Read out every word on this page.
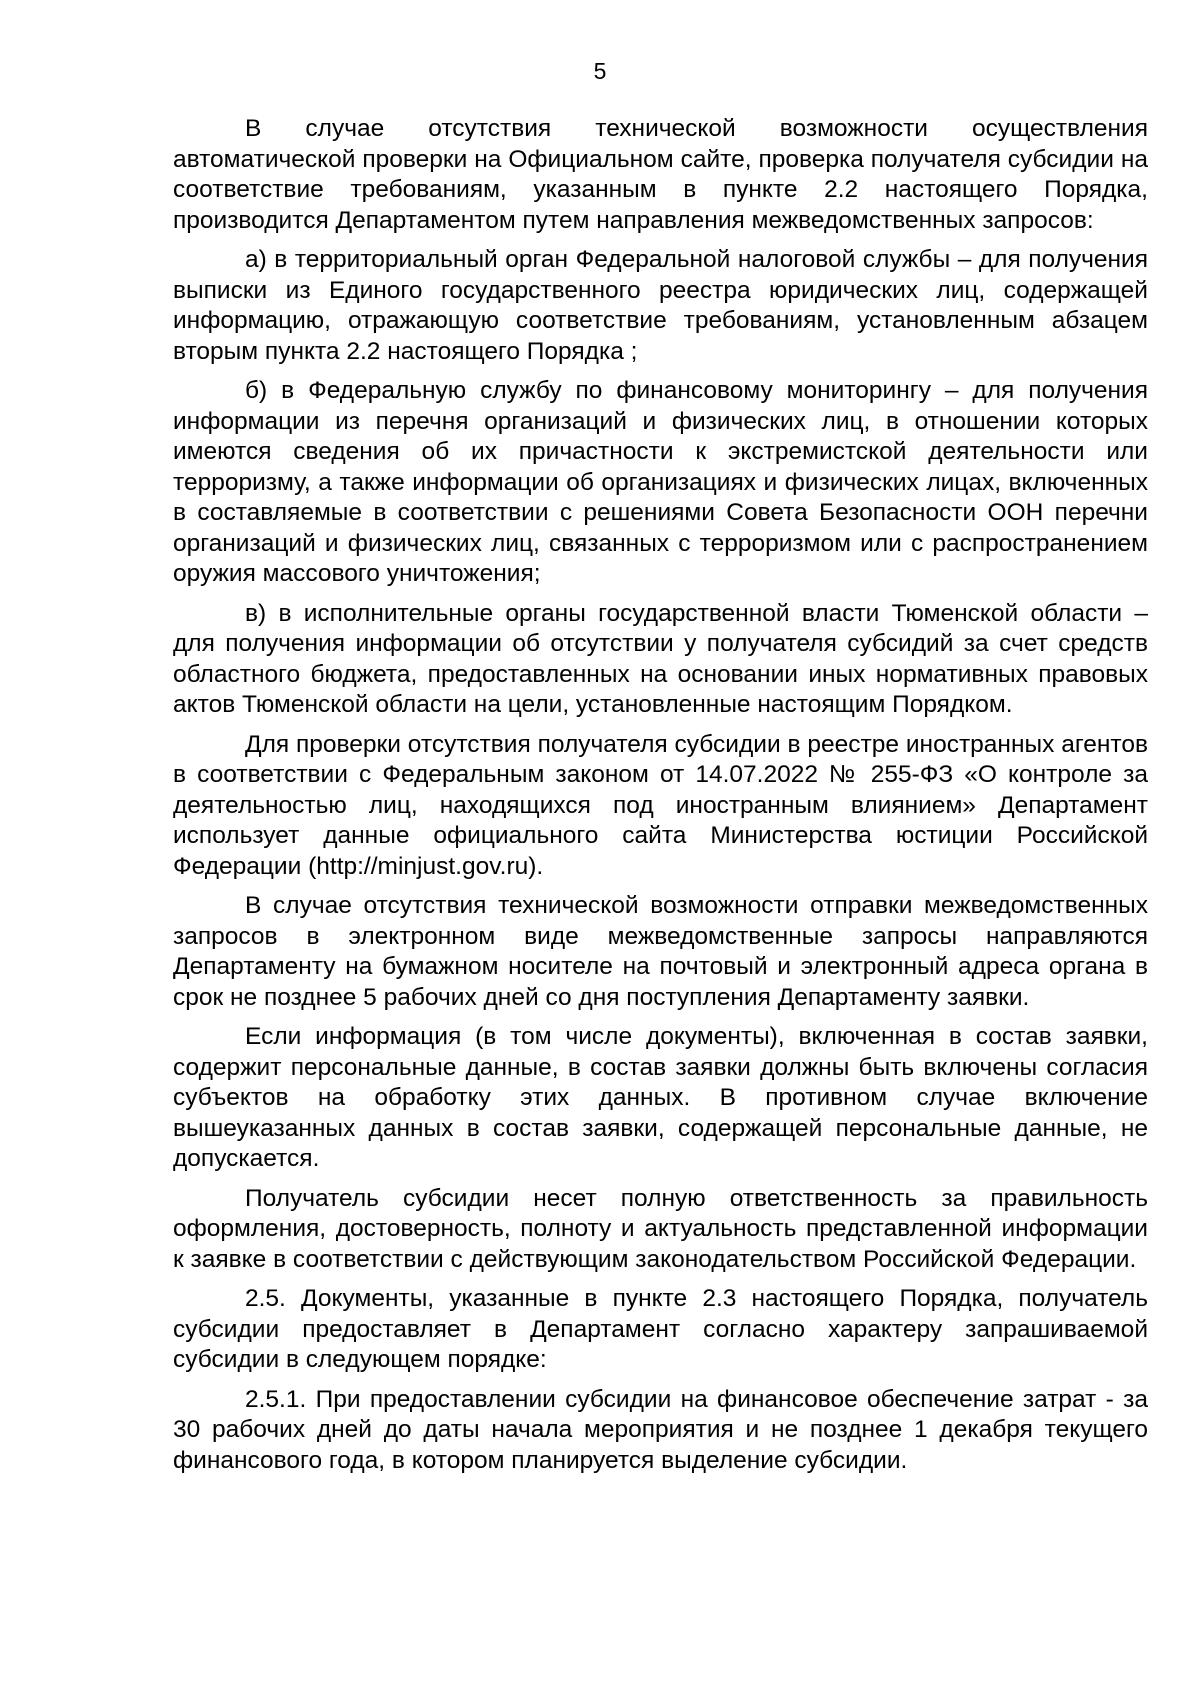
5

В случае отсутствия технической возможности осуществления автоматической проверки на Официальном сайте, проверка получателя субсидии на соответствие требованиям, указанным в пункте 2.2 настоящего Порядка, производится Департаментом путем направления межведомственных запросов:

а) в территориальный орган Федеральной налоговой службы – для получения выписки из Единого государственного реестра юридических лиц, содержащей информацию, отражающую соответствие требованиям, установленным абзацем вторым пункта 2.2 настоящего Порядка ;

б) в Федеральную службу по финансовому мониторингу – для получения информации из перечня организаций и физических лиц, в отношении которых имеются сведения об их причастности к экстремистской деятельности или терроризму, а также информации об организациях и физических лицах, включенных в составляемые в соответствии с решениями Совета Безопасности ООН перечни организаций и физических лиц, связанных с терроризмом или с распространением оружия массового уничтожения;

в) в исполнительные органы государственной власти Тюменской области – для получения информации об отсутствии у получателя субсидий за счет средств областного бюджета, предоставленных на основании иных нормативных правовых актов Тюменской области на цели, установленные настоящим Порядком.

Для проверки отсутствия получателя субсидии в реестре иностранных агентов в соответствии с Федеральным законом от 14.07.2022 № 255-ФЗ «О контроле за деятельностью лиц, находящихся под иностранным влиянием» Департамент использует данные официального сайта Министерства юстиции Российской Федерации (http://minjust.gov.ru).

В случае отсутствия технической возможности отправки межведомственных запросов в электронном виде межведомственные запросы направляются Департаменту на бумажном носителе на почтовый и электронный адреса органа в срок не позднее 5 рабочих дней со дня поступления Департаменту заявки.

Если информация (в том числе документы), включенная в состав заявки, содержит персональные данные, в состав заявки должны быть включены согласия субъектов на обработку этих данных. В противном случае включение вышеуказанных данных в состав заявки, содержащей персональные данные, не допускается.

Получатель субсидии несет полную ответственность за правильность оформления, достоверность, полноту и актуальность представленной информации к заявке в соответствии с действующим законодательством Российской Федерации.

2.5. Документы, указанные в пункте 2.3 настоящего Порядка, получатель субсидии предоставляет в Департамент согласно характеру запрашиваемой субсидии в следующем порядке:

2.5.1. При предоставлении субсидии на финансовое обеспечение затрат - за 30 рабочих дней до даты начала мероприятия и не позднее 1 декабря текущего финансового года, в котором планируется выделение субсидии.
